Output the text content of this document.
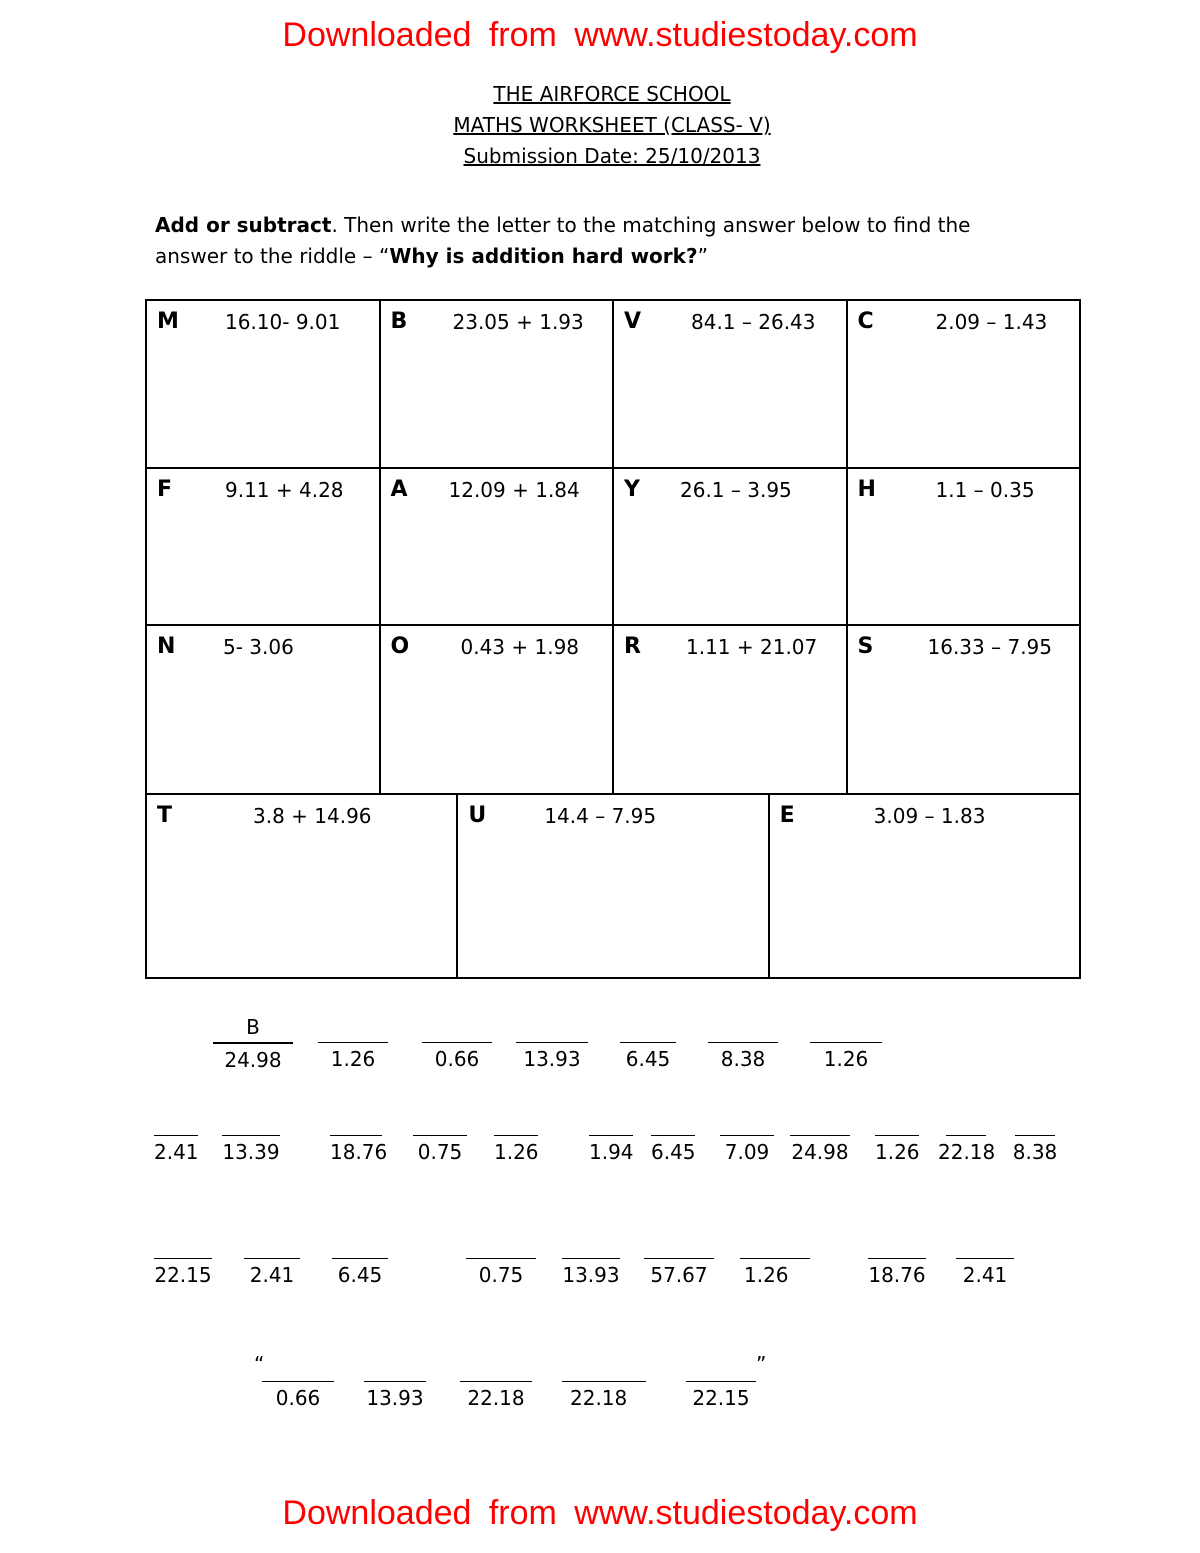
Downloaded from www.studiestoday.com
THE AIRFORCE SCHOOL
MATHS WORKSHEET (CLASS- V)
Submission Date: 25/10/2013
Add or subtract. Then write the letter to the matching answer below to find the answer to the riddle – “Why is addition hard work?”
M 16.10- 9.01	B 23.05 + 1.93	V 84.1 – 26.43	C 2.09 – 1.43

F 9.11 + 4.28	A 12.09 + 1.84	Y 26.1 – 3.95	H 1.1 – 0.35

N 5- 3.06	O 0.43 + 1.98	R 1.11 + 21.07	S 16.33 – 7.95
T	3.8 + 14.96	U	14.4 – 7.95	E	3.09 – 1.83
B
24.98	1.26	0.66	13.93	6.45	8.38	1.26
2.41 13.39	18.76 0.75 1.26	1.94 6.45 7.09 24.98 1.26 22.18 8.38
22.15 2.41 6.45	0.75	13.93	57.67	1.26	18.76	2.41
“
0.66	13.93	22.18	22.18	22.15
”
Downloaded from www.studiestoday.com
